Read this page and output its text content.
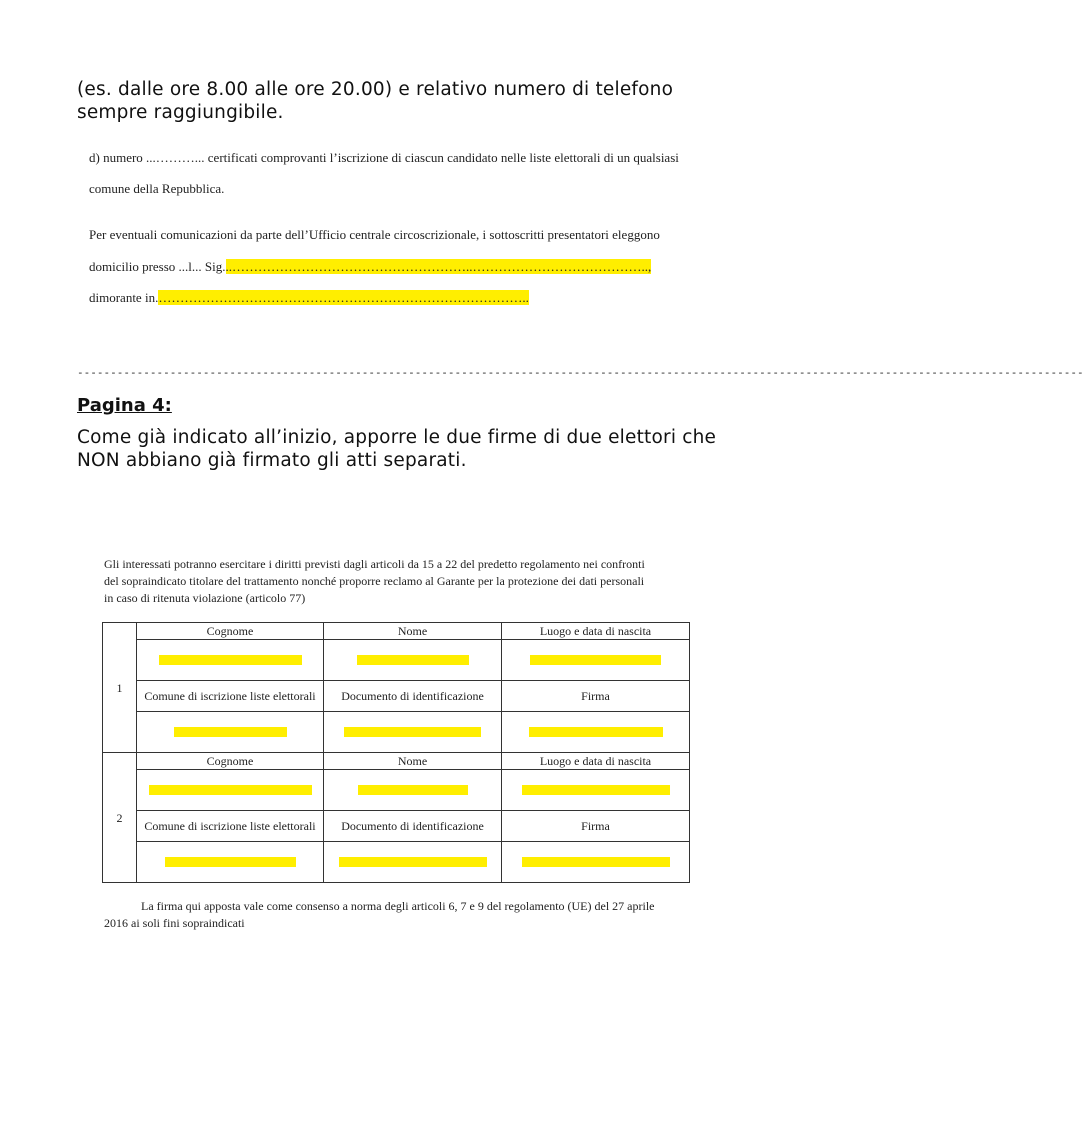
(es. dalle ore 8.00 alle ore 20.00) e relativo numero di telefono
sempre raggiungibile.
d) numero ...………... certificati comprovanti l’iscrizione di ciascun candidato nelle liste elettorali di un qualsiasi
comune della Repubblica.
Per eventuali comunicazioni da parte dell’Ufficio centrale circoscrizionale, i sottoscritti presentatori eleggono
domicilio presso ...l... Sig...………………………………………………..…………………………………..,
dimorante in.…………………………………………………………………………..
--------------------------------------------------------------------------------------------------------------------------------------------------------
Pagina 4:
Come già indicato all’inizio, apporre le due firme di due elettori che
NON abbiano già firmato gli atti separati.
Gli interessati potranno esercitare i diritti previsti dagli articoli da 15 a 22 del predetto regolamento nei confronti
del sopraindicato titolare del trattamento nonché proporre reclamo al Garante per la protezione dei dati personali
in caso di ritenuta violazione (articolo 77)
1	Cognome	Nome	Luogo e data di nascita

	Comune di iscrizione liste elettorali	Documento di identificazione	Firma

2	Cognome	Nome	Luogo e data di nascita

	Comune di iscrizione liste elettorali	Documento di identificazione	Firma

La firma qui apposta vale come consenso a norma degli articoli 6, 7 e 9 del regolamento (UE) del 27 aprile
2016 ai soli fini sopraindicati
